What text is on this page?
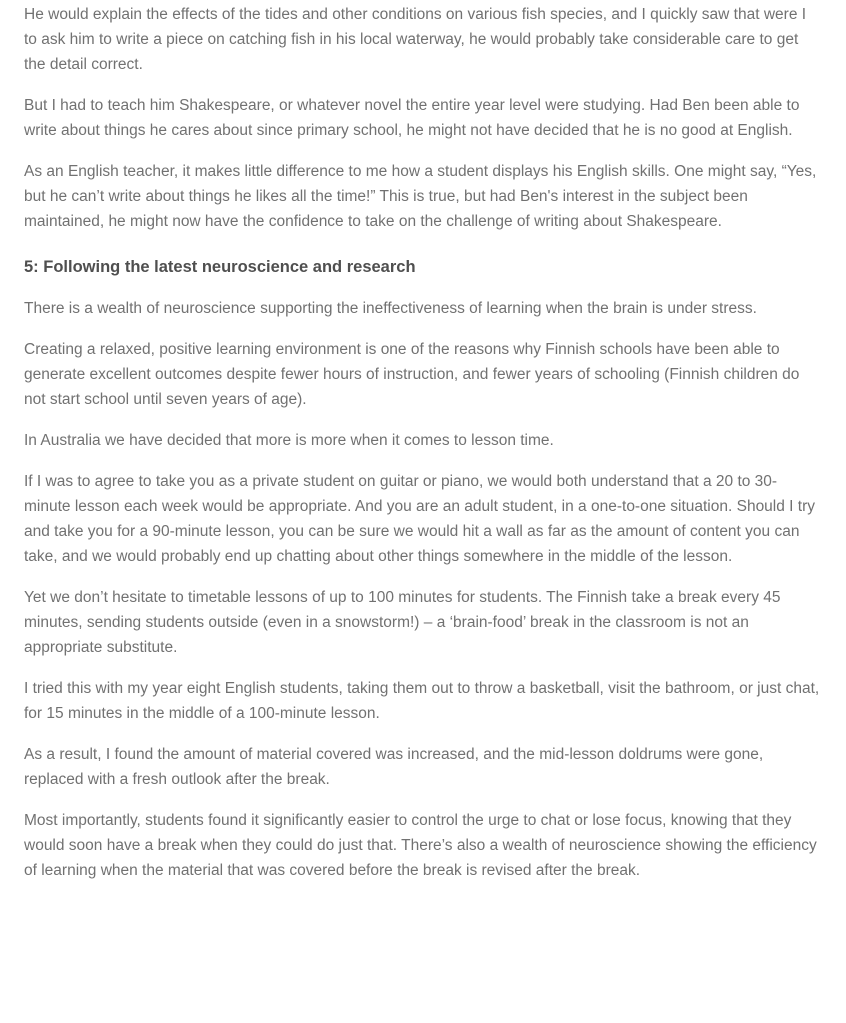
He would explain the effects of the tides and other conditions on various fish species, and I quickly saw that were I to ask him to write a piece on catching fish in his local waterway, he would probably take considerable care to get the detail correct.

But I had to teach him Shakespeare, or whatever novel the entire year level were studying. Had Ben been able to write about things he cares about since primary school, he might not have decided that he is no good at English.

As an English teacher, it makes little difference to me how a student displays his English skills. One might say, “Yes, but he can’t write about things he likes all the time!” This is true, but had Ben's interest in the subject been maintained, he might now have the confidence to take on the challenge of writing about Shakespeare.

5: Following the latest neuroscience and research

There is a wealth of neuroscience supporting the ineffectiveness of learning when the brain is under stress.

Creating a relaxed, positive learning environment is one of the reasons why Finnish schools have been able to generate excellent outcomes despite fewer hours of instruction, and fewer years of schooling (Finnish children do not start school until seven years of age).

In Australia we have decided that more is more when it comes to lesson time.

If I was to agree to take you as a private student on guitar or piano, we would both understand that a 20 to 30-minute lesson each week would be appropriate. And you are an adult student, in a one-to-one situation. Should I try and take you for a 90-minute lesson, you can be sure we would hit a wall as far as the amount of content you can take, and we would probably end up chatting about other things somewhere in the middle of the lesson.

Yet we don’t hesitate to timetable lessons of up to 100 minutes for students. The Finnish take a break every 45 minutes, sending students outside (even in a snowstorm!) – a ‘brain-food’ break in the classroom is not an appropriate substitute.

I tried this with my year eight English students, taking them out to throw a basketball, visit the bathroom, or just chat, for 15 minutes in the middle of a 100-minute lesson.

As a result, I found the amount of material covered was increased, and the mid-lesson doldrums were gone, replaced with a fresh outlook after the break.

Most importantly, students found it significantly easier to control the urge to chat or lose focus, knowing that they would soon have a break when they could do just that. There’s also a wealth of neuroscience showing the efficiency of learning when the material that was covered before the break is revised after the break.
